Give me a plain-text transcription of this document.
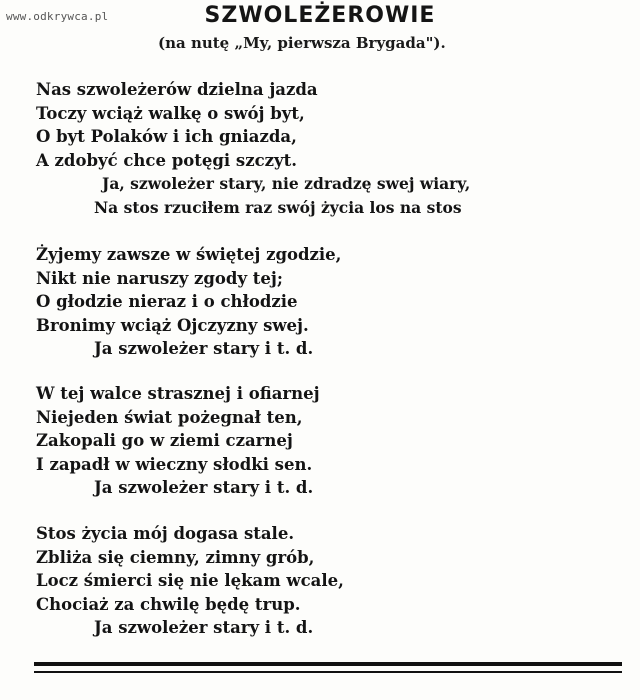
www.odkrywca.pl	SZWOLEŻEROWIE
(na nutę „My, pierwsza Brygada").
Nas szwoleżerów dzielna jazda
Toczy wciąż walkę o swój byt,
O byt Polaków i ich gniazda,
A zdobyć chce potęgi szczyt.
Ja, szwoleżer stary, nie zdradzę swej wiary,
Na stos rzuciłem raz swój życia los na stos
Żyjemy zawsze w świętej zgodzie,
Nikt nie naruszy zgody tej;
O głodzie nieraz i o chłodzie
Bronimy wciąż Ojczyzny swej.
Ja szwoleżer stary i t. d.
W tej walce strasznej i ofiarnej
Niejeden świat pożegnał ten,
Zakopali go w ziemi czarnej
I zapadł w wieczny słodki sen.
Ja szwoleżer stary i t. d.
Stos życia mój dogasa stale.
Zbliża się ciemny, zimny grób,
Locz śmierci się nie lękam wcale,
Chociaż za chwilę będę trup.
Ja szwoleżer stary i t. d.
